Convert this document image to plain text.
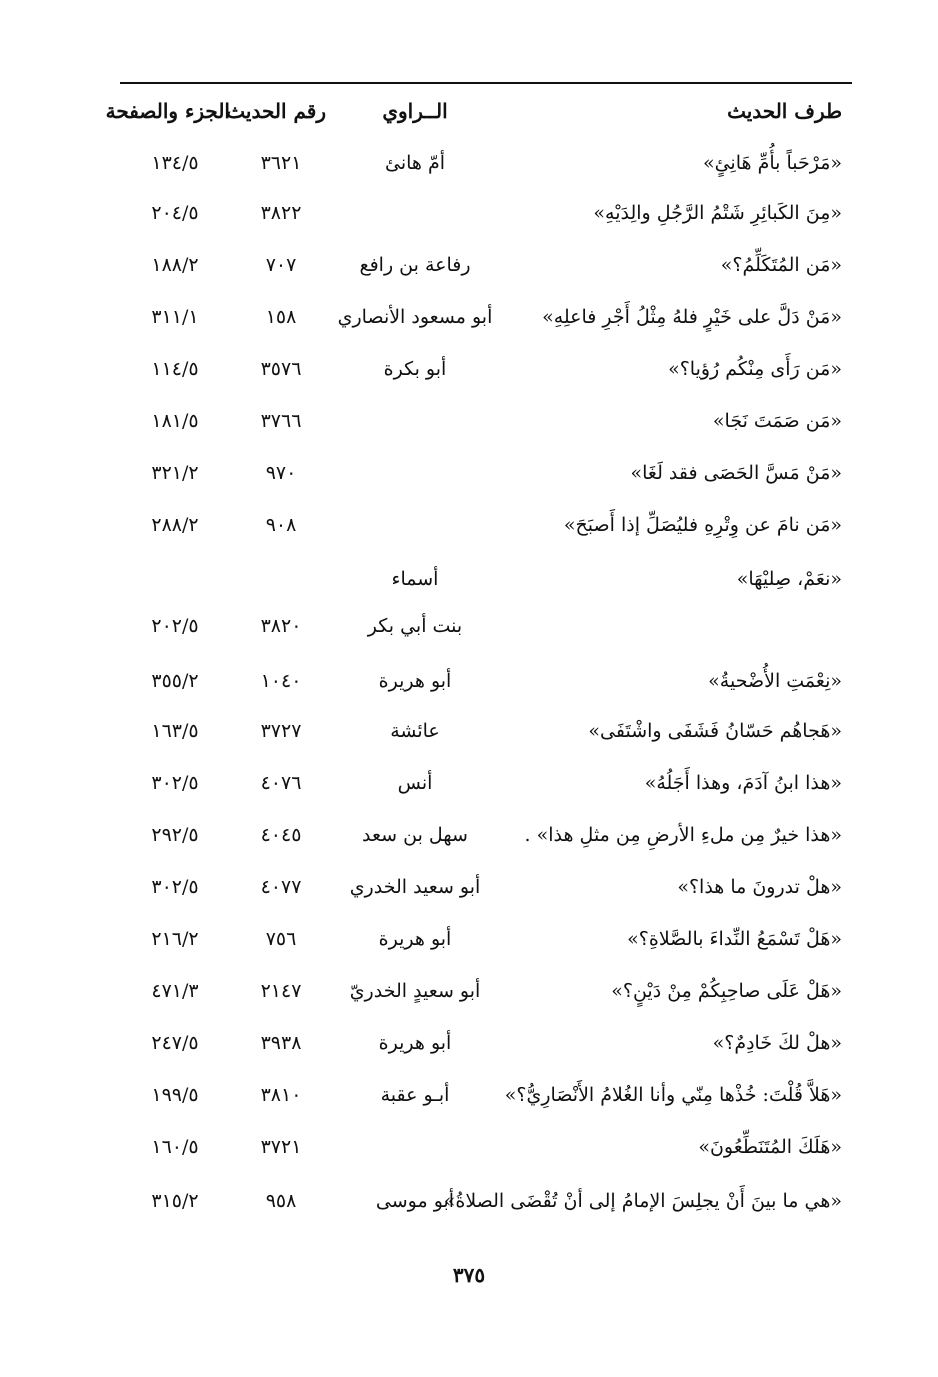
طرف الحديث
الــراوي
رقم الحديث
الجزء والصفحة
«مَرْحَباً بأُمِّ هَانِئٍ»
أمّ هانئ
٣٦٢١
١٣٤/٥
«مِنَ الكَبائِرِ شَتْمُ الرَّجُلِ والِدَيْهِ»
٣٨٢٢
٢٠٤/٥
«مَن المُتَكَلِّمُ؟»
رفاعة بن رافع
٧٠٧
١٨٨/٢
«مَنْ دَلَّ على خَيْرٍ فلهُ مِثْلُ أَجْرِ فاعلِهِ»
أبو مسعود الأنصاري
١٥٨
٣١١/١
«مَن رَأَى مِنْكُم رُؤيا؟»
أبو بكرة
٣٥٧٦
١١٤/٥
«مَن صَمَتَ نَجَا»
٣٧٦٦
١٨١/٥
«مَنْ مَسَّ الحَصَى فقد لَغَا»
٩٧٠
٣٢١/٢
«مَن نامَ عن وِتْرِهِ فليُصَلِّ إذا أَصبَحَ»
٩٠٨
٢٨٨/٢
«نعَمْ، صِليْهَا»
أسماء
بنت أبي بكر
٣٨٢٠
٢٠٢/٥
«نِعْمَتِ الأُضْحيةُ»
أبو هريرة
١٠٤٠
٣٥٥/٢
«هَجاهُم حَسّانُ فَشَفَى واشْتَفَى»
عائشة
٣٧٢٧
١٦٣/٥
«هذا ابنُ آدَمَ، وهذا أَجَلُهُ»
أنس
٤٠٧٦
٣٠٢/٥
«هذا خيرٌ مِن ملءِ الأرضِ مِن مثلِ هذا» .
سهل بن سعد
٤٠٤٥
٢٩٢/٥
«هلْ تدرونَ ما هذا؟»
أبو سعيد الخدري
٤٠٧٧
٣٠٢/٥
«هَلْ تَسْمَعُ النِّداءَ بالصَّلاةِ؟»
أبو هريرة
٧٥٦
٢١٦/٢
«هَلْ عَلَى صاحِبِكُمْ مِنْ دَيْنٍ؟»
أبو سعيدٍ الخدريّ
٢١٤٧
٤٧١/٣
«هلْ لكَ خَادِمٌ؟»
أبو هريرة
٣٩٣٨
٢٤٧/٥
«هَلاَّ قُلْتَ: خُذْها مِنّي وأنا الغُلامُ الأَنْصَارِيُّ؟»
أبـو عقبة
٣٨١٠
١٩٩/٥
«هَلَكَ المُتَنَطِّعُونَ»
٣٧٢١
١٦٠/٥
«هي ما بينَ أَنْ يجلِسَ الإمامُ إلى أنْ تُقْضَى الصلاةُ»
أبو موسى
٩٥٨
٣١٥/٢
٣٧٥
